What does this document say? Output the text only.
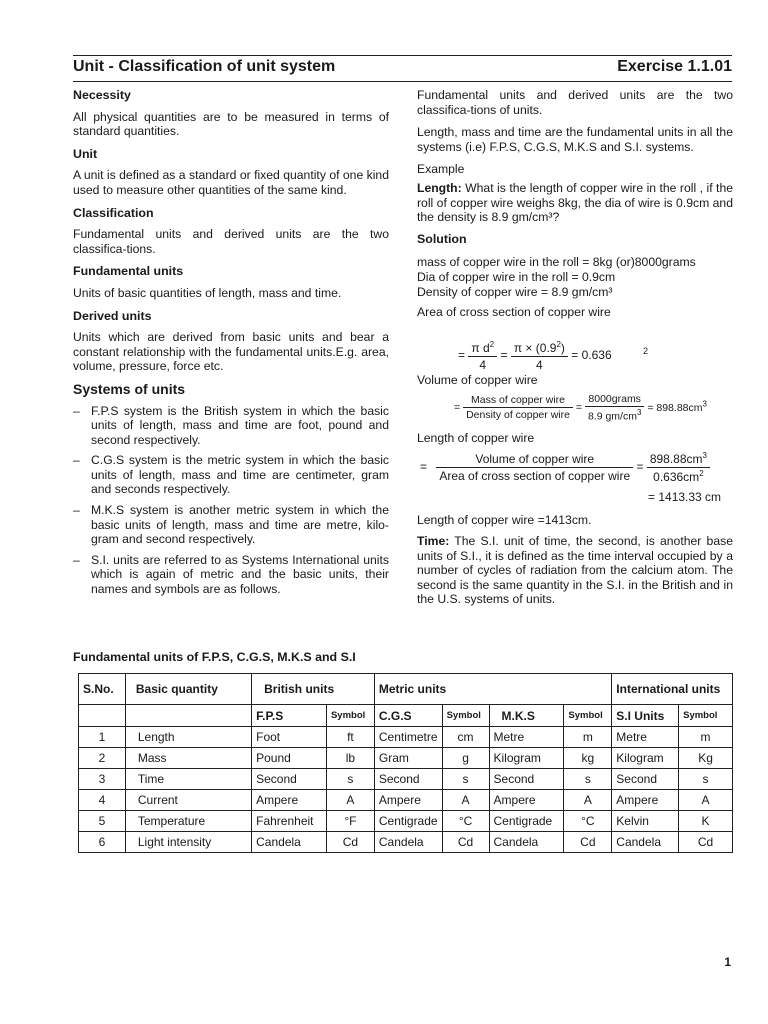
Unit - Classification of unit system	Exercise 1.1.01
Necessity
All physical quantities are to be measured in terms of standard quantities.
Unit
A unit is defined as a standard or fixed quantity of one kind used to measure other quantities of the same kind.
Classification
Fundamental units and derived units are the two classifica-tions.
Fundamental units
Units of basic quantities of length, mass and time.
Derived units
Units which are derived from basic units and bear a constant relationship with the fundamental units.E.g. area, volume, pressure, force etc.
Systems of units
– F.P.S system is the British system in which the basic units of length, mass and time are foot, pound and second respectively.
– C.G.S system is the metric system in which the basic units of length, mass and time are centimeter, gram and seconds respectively.
– M.K.S system is another metric system in which the basic units of length, mass and time are metre, kilo-gram and second respectively.
– S.I. units are referred to as Systems International units which is again of metric and the basic units, their names and symbols are as follows.
Fundamental units and derived units are the two classifica-tions of units.
Length, mass and time are the fundamental units in all the systems (i.e) F.P.S, C.G.S, M.K.S and S.I. systems.
Example
Length: What is the length of copper wire in the roll , if the roll of copper wire weighs 8kg, the dia of wire is 0.9cm and the density is 8.9 gm/cm³?
Solution
mass of copper wire in the roll = 8kg (or)8000grams
Dia of copper wire in the roll = 0.9cm
Density of copper wire = 8.9 gm/cm³
Area of cross section of copper wire
= $\frac{\pi d^2}{4} = \frac{\pi \times (0.9^2)}{4} = 0.636$	$^2$
Volume of copper wire
= $\frac{\text{Mass of copper wire}}{\text{Density of copper wire}} = \frac{\text{8000grams}}{8.9 gm/cm^3} = 898.88cm^3$
Length of copper wire
= $\frac{\text{Volume of copper wire}}{\text{Area of cross section of copper wire}} = \frac{898.88cm^3}{0.636cm^2}$
= 1413.33 cm
Length of copper wire =1413cm.
Time: The S.I. unit of time, the second, is another base units of S.I., it is defined as the time interval occupied by a number of cycles of radiation from the calcium atom. The second is the same quantity in the S.I. in the British and in the U.S. systems of units.
Fundamental units of F.P.S, C.G.S, M.K.S and S.I
S.No.	Basic quantity	British units		Metric units				International units	
		F.P.S	Symbol	C.G.S	Symbol	M.K.S	Symbol	S.I Units	Symbol
1	Length	Foot	ft	Centimetre	cm	Metre	m	Metre	m
2	Mass	Pound	lb	Gram	g	Kilogram	kg	Kilogram	Kg
3	Time	Second	s	Second	s	Second	s	Second	s
4	Current	Ampere	A	Ampere	A	Ampere	A	Ampere	A
5	Temperature	Fahrenheit	°F	Centigrade	°C	Centigrade	°C	Kelvin	K
6	Light intensity	Candela	Cd	Candela	Cd	Candela	Cd	Candela	Cd
1
